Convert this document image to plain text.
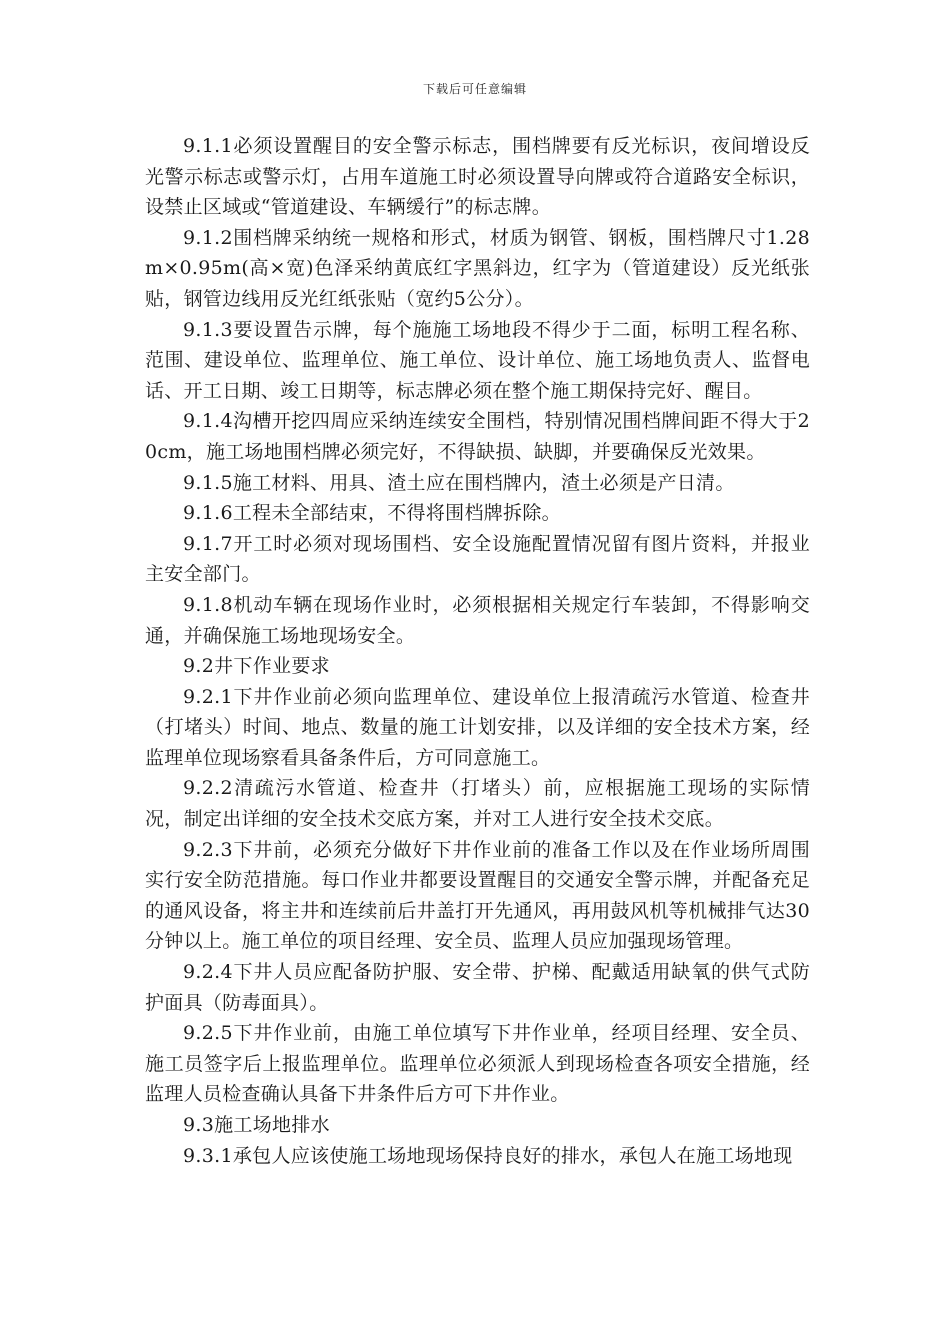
下载后可任意编辑

9.1.1必须设置醒目的安全警示标志，围档牌要有反光标识，夜间增设反光警示标志或警示灯，占用车道施工时必须设置导向牌或符合道路安全标识，设禁止区域或“管道建设、车辆缓行”的标志牌。

9.1.2围档牌采纳统一规格和形式，材质为钢管、钢板，围档牌尺寸1.28m×0.95m(高×宽)色泽采纳黄底红字黑斜边，红字为（管道建设）反光纸张贴，钢管边线用反光红纸张贴（宽约5公分）。

9.1.3要设置告示牌，每个施施工场地段不得少于二面，标明工程名称、范围、建设单位、监理单位、施工单位、设计单位、施工场地负责人、监督电话、开工日期、竣工日期等，标志牌必须在整个施工期保持完好、醒目。

9.1.4沟槽开挖四周应采纳连续安全围档，特别情况围档牌间距不得大于20cm，施工场地围档牌必须完好，不得缺损、缺脚，并要确保反光效果。

9.1.5施工材料、用具、渣土应在围档牌内，渣土必须是产日清。

9.1.6工程未全部结束，不得将围档牌拆除。

9.1.7开工时必须对现场围档、安全设施配置情况留有图片资料，并报业主安全部门。

9.1.8机动车辆在现场作业时，必须根据相关规定行车装卸，不得影响交通，并确保施工场地现场安全。

9.2井下作业要求

9.2.1下井作业前必须向监理单位、建设单位上报清疏污水管道、检查井（打堵头）时间、地点、数量的施工计划安排，以及详细的安全技术方案，经监理单位现场察看具备条件后，方可同意施工。

9.2.2清疏污水管道、检查井（打堵头）前，应根据施工现场的实际情况，制定出详细的安全技术交底方案，并对工人进行安全技术交底。

9.2.3下井前，必须充分做好下井作业前的准备工作以及在作业场所周围实行安全防范措施。每口作业井都要设置醒目的交通安全警示牌，并配备充足的通风设备，将主井和连续前后井盖打开先通风，再用鼓风机等机械排气达30分钟以上。施工单位的项目经理、安全员、监理人员应加强现场管理。

9.2.4下井人员应配备防护服、安全带、护梯、配戴适用缺氧的供气式防护面具（防毒面具）。

9.2.5下井作业前，由施工单位填写下井作业单，经项目经理、安全员、施工员签字后上报监理单位。监理单位必须派人到现场检查各项安全措施，经监理人员检查确认具备下井条件后方可下井作业。

9.3施工场地排水

9.3.1承包人应该使施工场地现场保持良好的排水，承包人在施工场地现
